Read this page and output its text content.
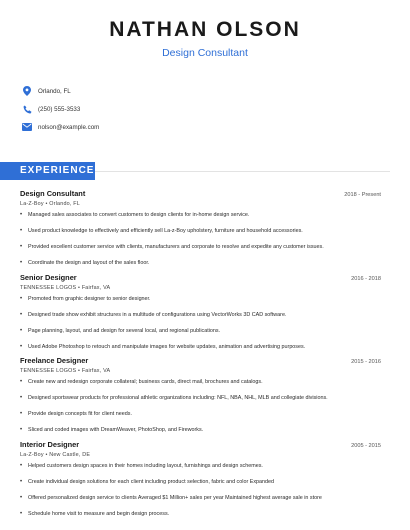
NATHAN OLSON
Design Consultant
Orlando, FL
(250) 555-3533
nolson@example.com
EXPERIENCE
Design Consultant	2018 - Present
La-Z-Boy • Orlando, FL
• Managed sales associates to convert customers to design clients for in-home design service.
• Used product knowledge to effectively and efficiently sell La-z-Boy upholstery, furniture and household accessories.
• Provided excellent customer service with clients, manufacturers and corporate to resolve and expedite any customer issues.
• Coordinate the design and layout of the sales floor.
Senior Designer	2016 - 2018
TENNESSEE LOGOS • Fairfax, VA
• Promoted from graphic designer to senior designer.
• Designed trade show exhibit structures in a multitude of configurations using VectorWorks 3D CAD software.
• Page planning, layout, and ad design for several local, and regional publications.
• Used Adobe Photoshop to retouch and manipulate images for website updates, animation and advertising purposes.
Freelance Designer	2015 - 2016
TENNESSEE LOGOS • Fairfax, VA
• Create new and redesign corporate collateral; business cards, direct mail, brochures and catalogs.
• Designed sportswear products for professional athletic organizations including: NFL, NBA, NHL, MLB and collegiate divisions.
• Provide design concepts fit for client needs.
• Sliced and coded images with DreamWeaver, PhotoShop, and Fireworks.
Interior Designer	2005 - 2015
La-Z-Boy • New Castle, DE
• Helped customers design spaces in their homes including layout, furnishings and design schemes.
• Create individual design solutions for each client including product selection, fabric and color Expanded
• Offered personalized design service to clients Averaged $1 Million+ sales per year Maintained highest average sale in store
• Schedule home visit to measure and begin design process.
